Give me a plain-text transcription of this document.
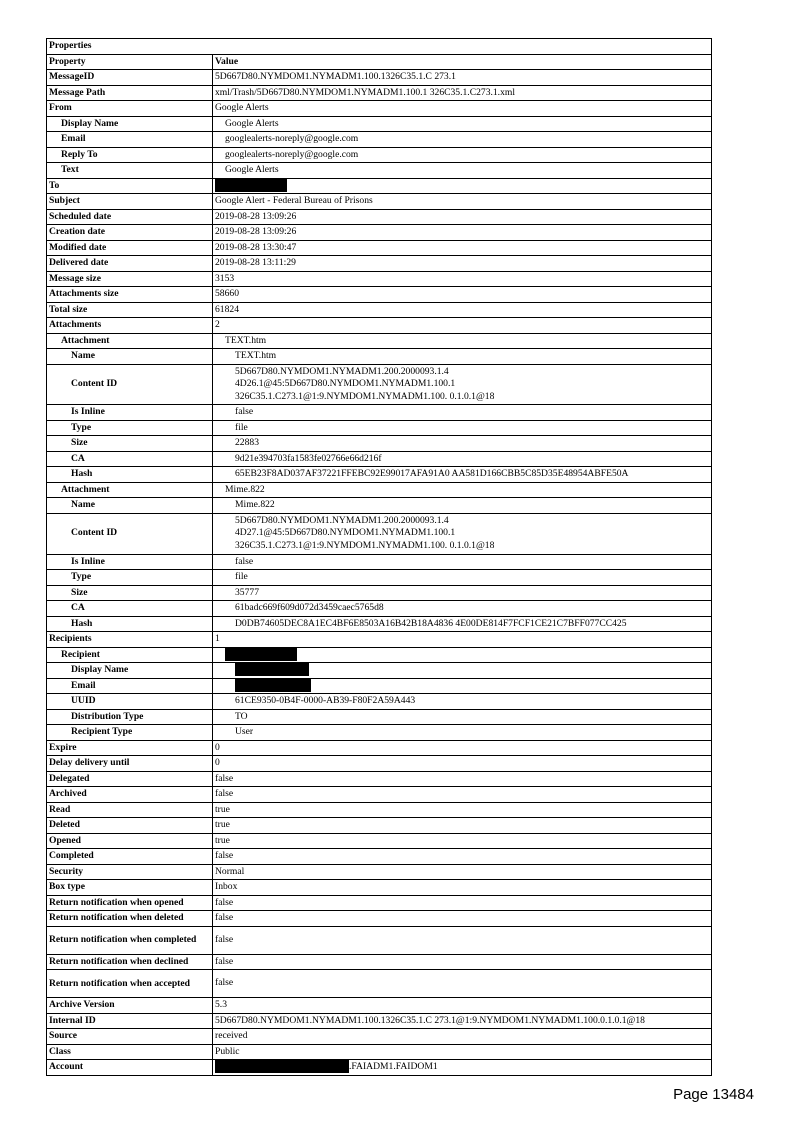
Properties	
Property	Value
MessageID	5D667D80.NYMDOM1.NYMADM1.100.1326C35.1.C 273.1
Message Path	xml/Trash/5D667D80.NYMDOM1.NYMADM1.100.1 326C35.1.C273.1.xml
From	Google Alerts
Display Name	Google Alerts
Email	googlealerts-noreply@google.com
Reply To	googlealerts-noreply@google.com
Text	Google Alerts
To	
Subject	Google Alert - Federal Bureau of Prisons
Scheduled date	2019-08-28 13:09:26
Creation date	2019-08-28 13:09:26
Modified date	2019-08-28 13:30:47
Delivered date	2019-08-28 13:11:29
Message size	3153
Attachments size	58660
Total size	61824
Attachments	2
Attachment	TEXT.htm
Name	TEXT.htm
Content ID	5D667D80.NYMDOM1.NYMADM1.200.2000093.1.4
4D26.1@45:5D667D80.NYMDOM1.NYMADM1.100.1
326C35.1.C273.1@1:9.NYMDOM1.NYMADM1.100. 0.1.0.1@18

Is Inline	false
Type	file
Size	22883
CA	9d21e394703fa1583fe02766e66d216f
Hash	65EB23F8AD037AF37221FFEBC92E99017AFA91A0 AA581D166CBB5C85D35E48954ABFE50A
Attachment	Mime.822
Name	Mime.822
Content ID	5D667D80.NYMDOM1.NYMADM1.200.2000093.1.4
4D27.1@45:5D667D80.NYMDOM1.NYMADM1.100.1
326C35.1.C273.1@1:9.NYMDOM1.NYMADM1.100. 0.1.0.1@18

Is Inline	false
Type	file
Size	35777
CA	61badc669f609d072d3459caec5765d8
Hash	D0DB74605DEC8A1EC4BF6E8503A16B42B18A4836 4E00DE814F7FCF1CE21C7BFF077CC425
Recipients	1
Recipient	
Display Name	
Email	
UUID	61CE9350-0B4F-0000-AB39-F80F2A59A443
Distribution Type	TO
Recipient Type	User
Expire	0
Delay delivery until	0
Delegated	false
Archived	false
Read	true
Deleted	true
Opened	true
Completed	false
Security	Normal
Box type	Inbox
Return notification when opened	false
Return notification when deleted	false
Return notification when completed	false
Return notification when declined	false
Return notification when accepted	false
Archive Version	5.3
Internal ID	5D667D80.NYMDOM1.NYMADM1.100.1326C35.1.C 273.1@1:9.NYMDOM1.NYMADM1.100.0.1.0.1@18
Source	received
Class	Public
Account	.FAIADM1.FAIDOM1
Page 13484
